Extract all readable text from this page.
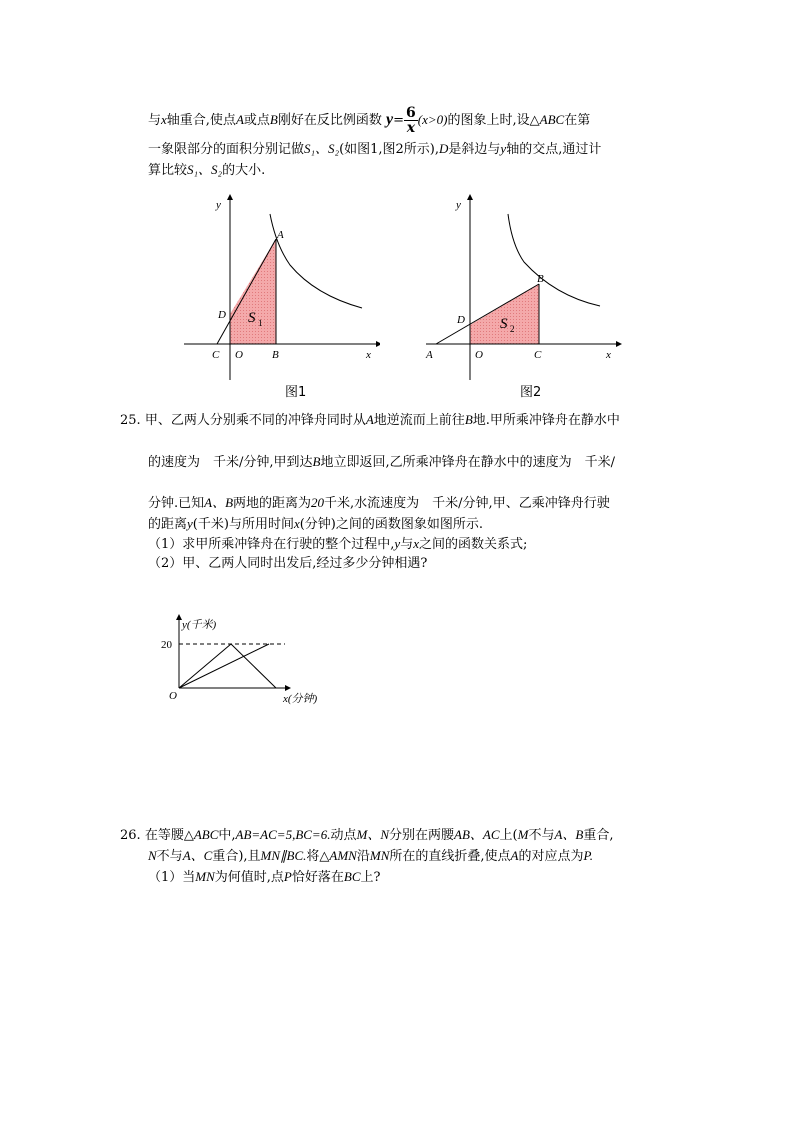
与x轴重合,使点A或点B刚好在反比例函数 $y= \frac{6}{x} (x>0)$的图象上时,设△ABC在第
一象限部分的面积分别记做S₁、S₂(如图1,图2所示),D是斜边与y轴的交点,通过计
算比较S₁、S₂的大小.
y
x
A
D
C O	B
S 1
图1
y
x
B
D
A	O	C
S 2
图2
25. 甲、乙两人分别乘不同的冲锋舟同时从A地逆流而上前往B地.甲所乘冲锋舟在静水中
的速度为　千米/分钟,甲到达B地立即返回,乙所乘冲锋舟在静水中的速度为　千米/
分钟.已知A、B两地的距离为20千米,水流速度为　千米/分钟,甲、乙乘冲锋舟行驶
的距离y(千米)与所用时间x(分钟)之间的函数图象如图所示.
（1）求甲所乘冲锋舟在行驶的整个过程中,y与x之间的函数关系式;
（2）甲、乙两人同时出发后,经过多少分钟相遇?
y(千米)
20
O	x(分钟)
26. 在等腰△ABC中,AB=AC=5,BC=6.动点M、N分别在两腰AB、AC上(M不与A、B重合,
N不与A、C重合),且MN∥BC.将△AMN沿MN所在的直线折叠,使点A的对应点为P.
（1）当MN为何值时,点P恰好落在BC上?
